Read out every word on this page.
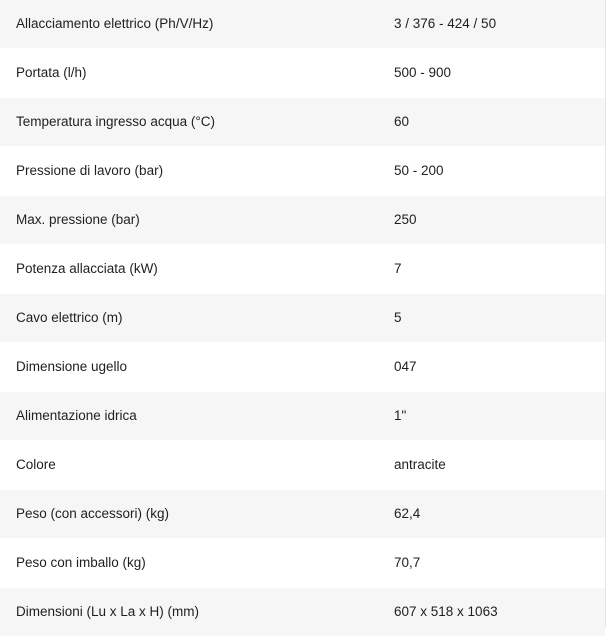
Allacciamento elettrico (Ph/V/Hz)	3 / 376 - 424 / 50
Portata (l/h)	500 - 900
Temperatura ingresso acqua (°C)	60
Pressione di lavoro (bar)	50 - 200
Max. pressione (bar)	250
Potenza allacciata (kW)	7
Cavo elettrico (m)	5
Dimensione ugello	047
Alimentazione idrica	1"
Colore	antracite
Peso (con accessori) (kg)	62,4
Peso con imballo (kg)	70,7
Dimensioni (Lu x La x H) (mm)	607 x 518 x 1063
